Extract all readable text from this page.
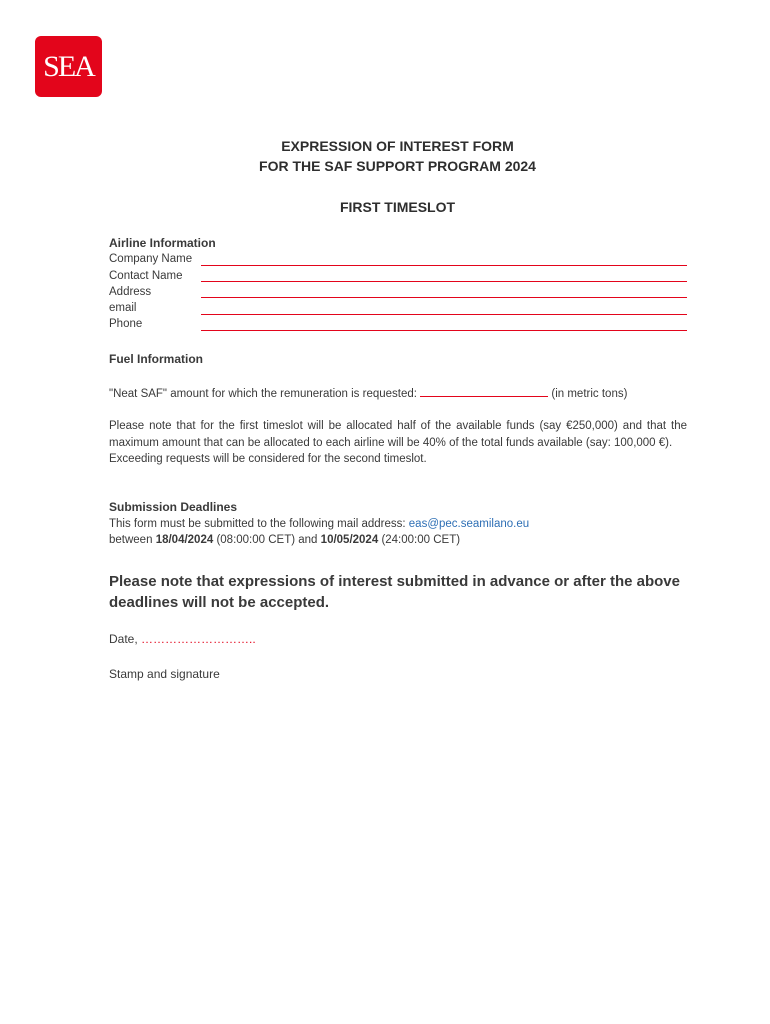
SEA
EXPRESSION OF INTEREST FORM
FOR THE SAF SUPPORT PROGRAM 2024
FIRST TIMESLOT
Airline Information
Company Name
Contact Name
Address
email
Phone
Fuel Information
"Neat SAF" amount for which the remuneration is requested:	(in metric tons)

Please note that for the first timeslot will be allocated half of the available funds (say €250,000) and that the maximum amount that can be allocated to each airline will be 40% of the total funds available (say: 100,000 €).

Exceeding requests will be considered for the second timeslot.

Submission Deadlines
This form must be submitted to the following mail address: eas@pec.seamilano.eu
between 18/04/2024 (08:00:00 CET) and 10/05/2024 (24:00:00 CET)
Please note that expressions of interest submitted in advance or after the above deadlines will not be accepted.
Date, ………………………..
Stamp and signature
